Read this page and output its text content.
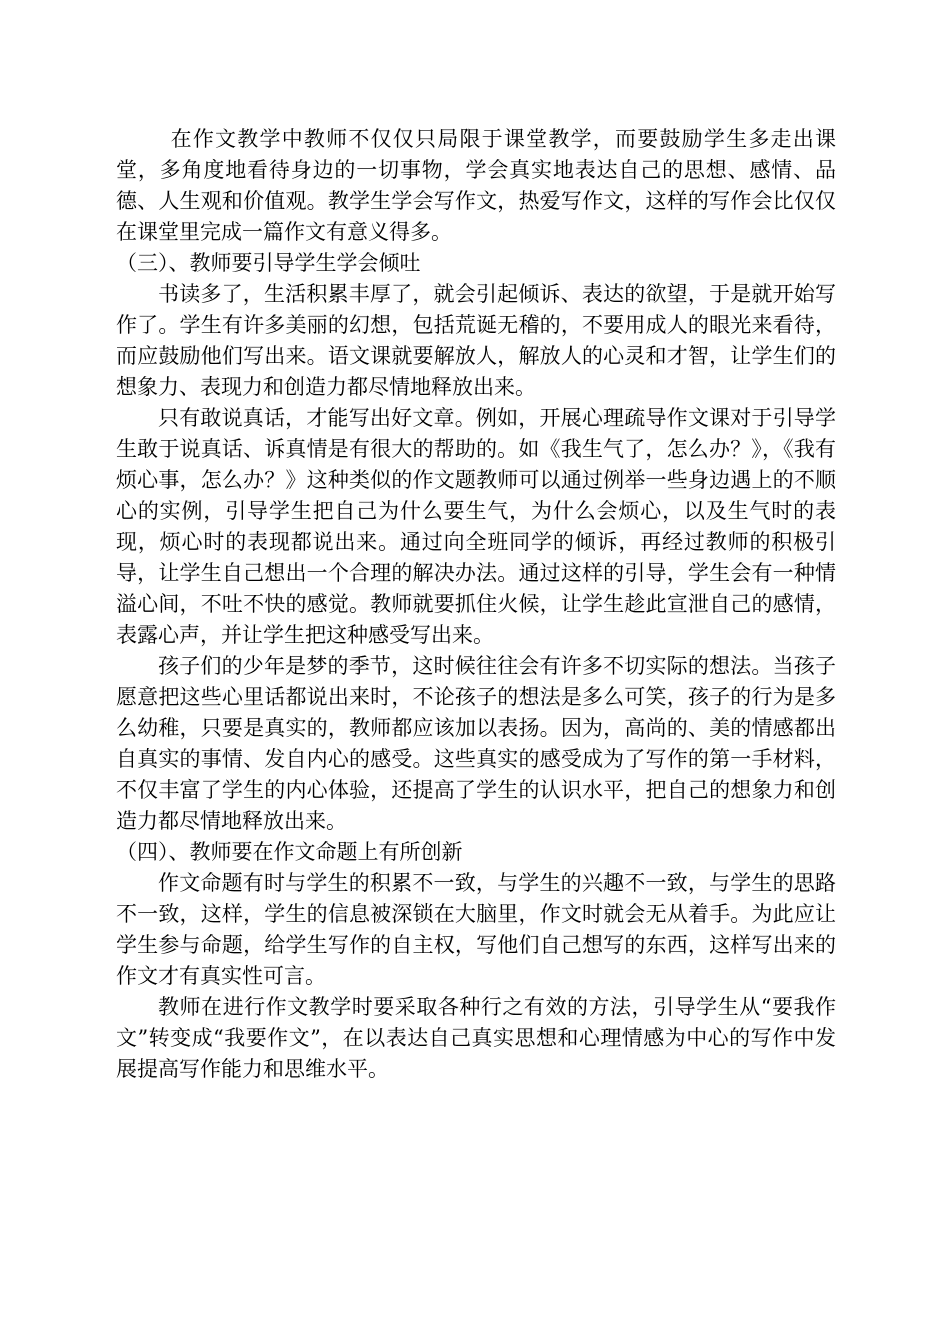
在作文教学中教师不仅仅只局限于课堂教学，而要鼓励学生多走出课堂，多角度地看待身边的一切事物，学会真实地表达自己的思想、感情、品德、人生观和价值观。教学生学会写作文，热爱写作文，这样的写作会比仅仅在课堂里完成一篇作文有意义得多。

（三）、教师要引导学生学会倾吐

书读多了，生活积累丰厚了，就会引起倾诉、表达的欲望，于是就开始写作了。学生有许多美丽的幻想，包括荒诞无稽的，不要用成人的眼光来看待，而应鼓励他们写出来。语文课就要解放人，解放人的心灵和才智，让学生们的想象力、表现力和创造力都尽情地释放出来。

只有敢说真话，才能写出好文章。例如，开展心理疏导作文课对于引导学生敢于说真话、诉真情是有很大的帮助的。如《我生气了，怎么办？》，《我有烦心事，怎么办？》这种类似的作文题教师可以通过例举一些身边遇上的不顺心的实例，引导学生把自己为什么要生气，为什么会烦心，以及生气时的表现，烦心时的表现都说出来。通过向全班同学的倾诉，再经过教师的积极引导，让学生自己想出一个合理的解决办法。通过这样的引导，学生会有一种情溢心间，不吐不快的感觉。教师就要抓住火候，让学生趁此宣泄自己的感情，表露心声，并让学生把这种感受写出来。

孩子们的少年是梦的季节，这时候往往会有许多不切实际的想法。当孩子愿意把这些心里话都说出来时，不论孩子的想法是多么可笑，孩子的行为是多么幼稚，只要是真实的，教师都应该加以表扬。因为，高尚的、美的情感都出自真实的事情、发自内心的感受。这些真实的感受成为了写作的第一手材料，不仅丰富了学生的内心体验，还提高了学生的认识水平，把自己的想象力和创造力都尽情地释放出来。

（四）、教师要在作文命题上有所创新

作文命题有时与学生的积累不一致，与学生的兴趣不一致，与学生的思路不一致，这样，学生的信息被深锁在大脑里，作文时就会无从着手。为此应让学生参与命题，给学生写作的自主权，写他们自己想写的东西，这样写出来的作文才有真实性可言。

教师在进行作文教学时要采取各种行之有效的方法，引导学生从“要我作文”转变成“我要作文”，在以表达自己真实思想和心理情感为中心的写作中发展提高写作能力和思维水平。
